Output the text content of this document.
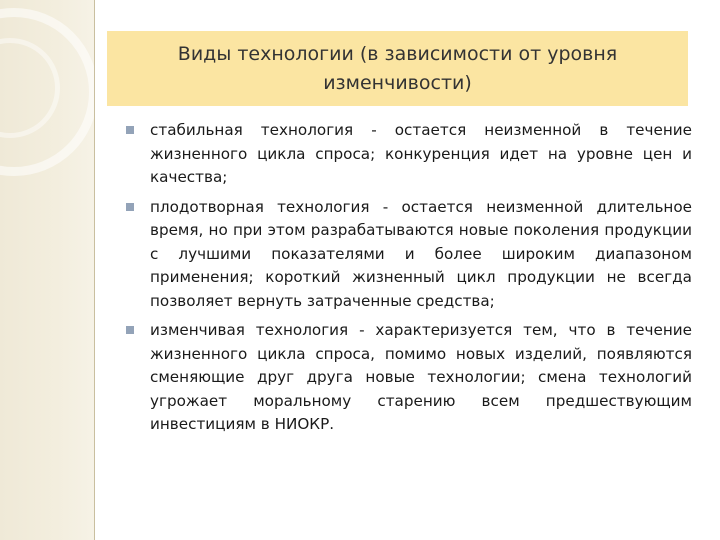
Виды технологии (в зависимости от уровня изменчивости)
стабильная технология - остается неизменной в течение жизненного цикла спроса; конкуренция идет на уровне цен и качества;
плодотворная технология - остается неизменной длительное время, но при этом разрабатываются новые поколения продукции с лучшими показателями и более широким диапазоном применения; короткий жизненный цикл продукции не всегда позволяет вернуть затраченные средства;
изменчивая технология - характеризуется тем, что в течение жизненного цикла спроса, помимо новых изделий, появляются сменяющие друг друга новые технологии; смена технологий угрожает моральному старению всем предшествующим инвестициям в НИОКР.
